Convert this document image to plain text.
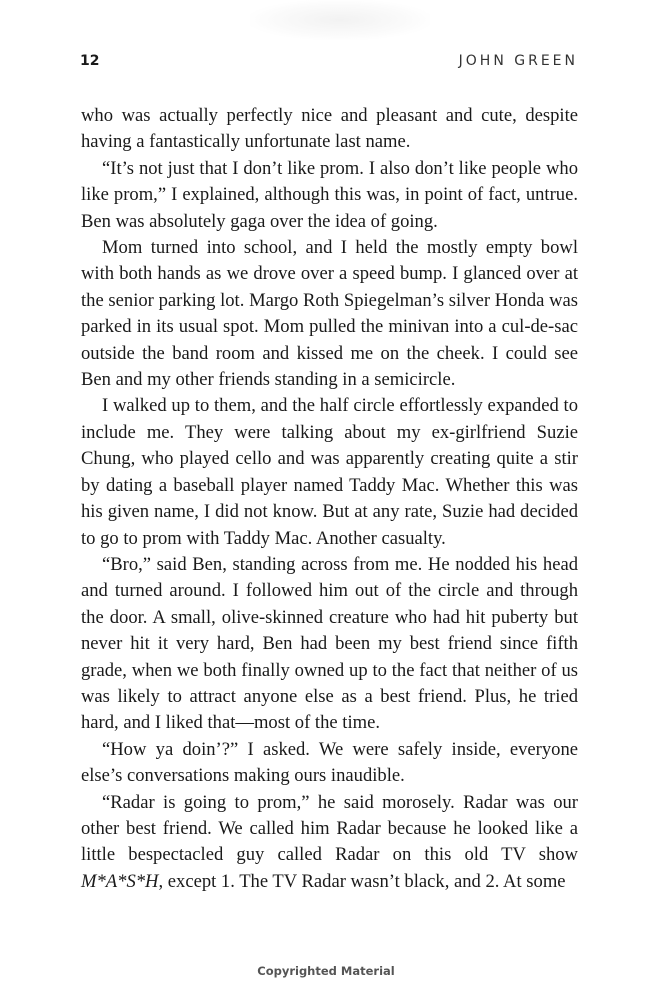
12	JOHN GREEN

who was actually perfectly nice and pleasant and cute, despite having a fantastically unfortunate last name.

“It’s not just that I don’t like prom. I also don’t like people who like prom,” I explained, although this was, in point of fact, untrue. Ben was absolutely gaga over the idea of going.

Mom turned into school, and I held the mostly empty bowl with both hands as we drove over a speed bump. I glanced over at the senior parking lot. Margo Roth Spiegelman’s silver Honda was parked in its usual spot. Mom pulled the minivan into a cul-de-sac outside the band room and kissed me on the cheek. I could see Ben and my other friends standing in a semicircle.

I walked up to them, and the half circle effortlessly expanded to include me. They were talking about my ex-girlfriend Suzie Chung, who played cello and was apparently creating quite a stir by dating a baseball player named Taddy Mac. Whether this was his given name, I did not know. But at any rate, Suzie had decided to go to prom with Taddy Mac. Another casualty.

“Bro,” said Ben, standing across from me. He nodded his head and turned around. I followed him out of the circle and through the door. A small, olive-skinned creature who had hit puberty but never hit it very hard, Ben had been my best friend since fifth grade, when we both finally owned up to the fact that neither of us was likely to attract anyone else as a best friend. Plus, he tried hard, and I liked that—most of the time.

“How ya doin’?” I asked. We were safely inside, everyone else’s conversations making ours inaudible.

“Radar is going to prom,” he said morosely. Radar was our other best friend. We called him Radar because he looked like a little bespectacled guy called Radar on this old TV show M*A*S*H, except 1. The TV Radar wasn’t black, and 2. At some

Copyrighted Material
